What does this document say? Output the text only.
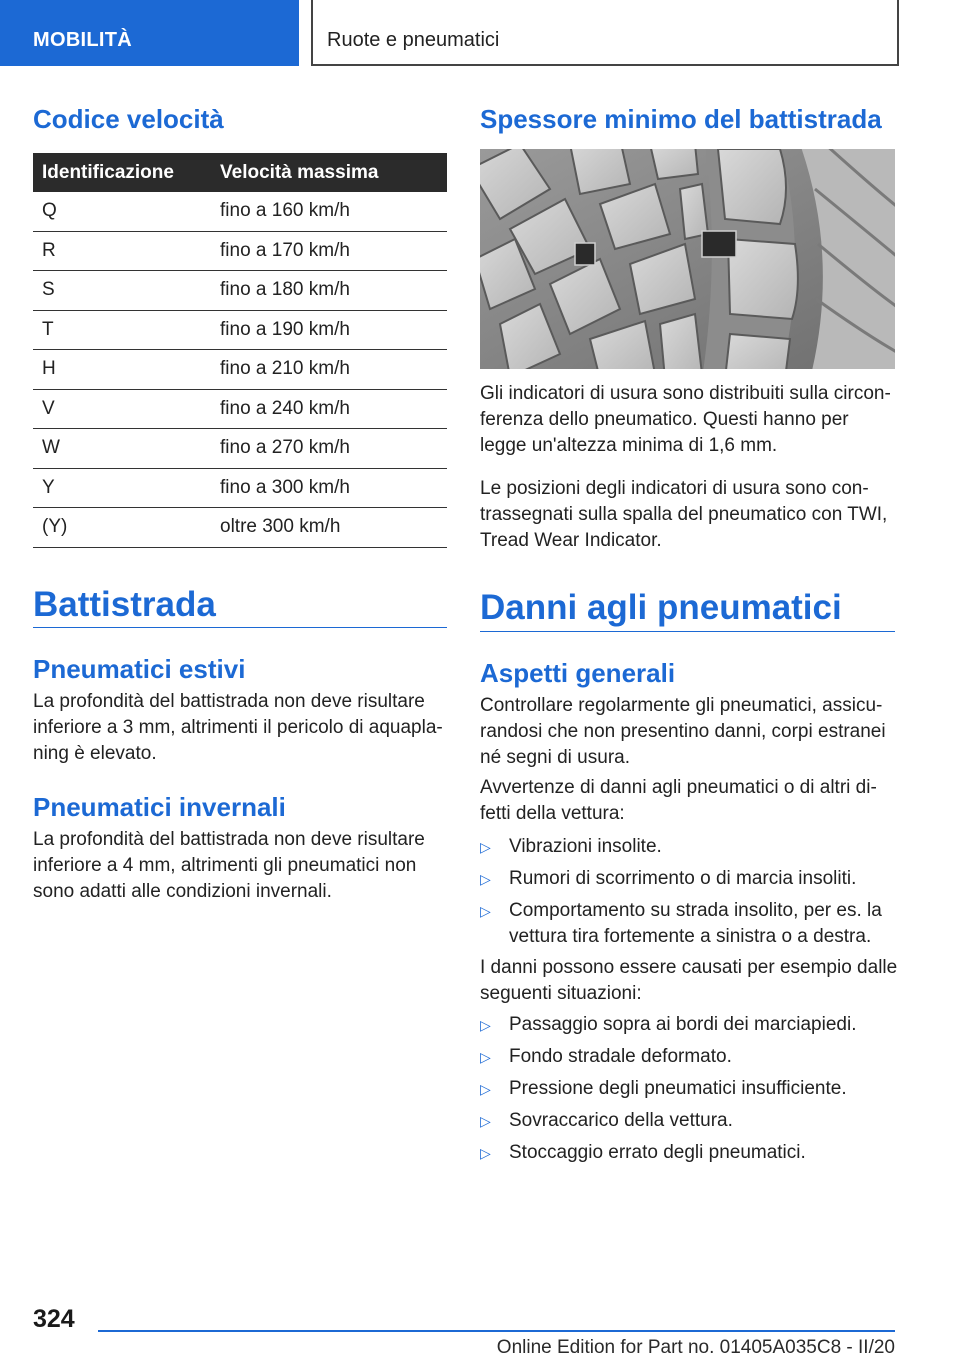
MOBILITÀ	Ruote e pneumatici
Codice velocità
Identificazione	Velocità massima
Q	fino a 160 km/h
R	fino a 170 km/h
S	fino a 180 km/h
T	fino a 190 km/h
H	fino a 210 km/h
V	fino a 240 km/h
W	fino a 270 km/h
Y	fino a 300 km/h
(Y)	oltre 300 km/h
Battistrada
Pneumatici estivi

La profondità del battistrada non deve risultare inferiore a 3 mm, altrimenti il pericolo di aquaplaning è elevato.

Pneumatici invernali

La profondità del battistrada non deve risultare inferiore a 4 mm, altrimenti gli pneumatici non sono adatti alle condizioni invernali.

Spessore minimo del battistrada

Gli indicatori di usura sono distribuiti sulla circonferenza dello pneumatico. Questi hanno per legge un'altezza minima di 1,6 mm.

Le posizioni degli indicatori di usura sono contrassegnati sulla spalla del pneumatico con TWI, Tread Wear Indicator.

Danni agli pneumatici
Aspetti generali

Controllare regolarmente gli pneumatici, assicurandosi che non presentino danni, corpi estranei né segni di usura.

Avvertenze di danni agli pneumatici o di altri difetti della vettura:

▷ Vibrazioni insolite.
▷ Rumori di scorrimento o di marcia insoliti.
▷ Comportamento su strada insolito, per es. la vettura tira fortemente a sinistra o a destra.

I danni possono essere causati per esempio dalle seguenti situazioni:

▷ Passaggio sopra ai bordi dei marciapiedi.
▷ Fondo stradale deformato.
▷ Pressione degli pneumatici insufficiente.
▷ Sovraccarico della vettura.
▷ Stoccaggio errato degli pneumatici.
324
Online Edition for Part no. 01405A035C8 - II/20
